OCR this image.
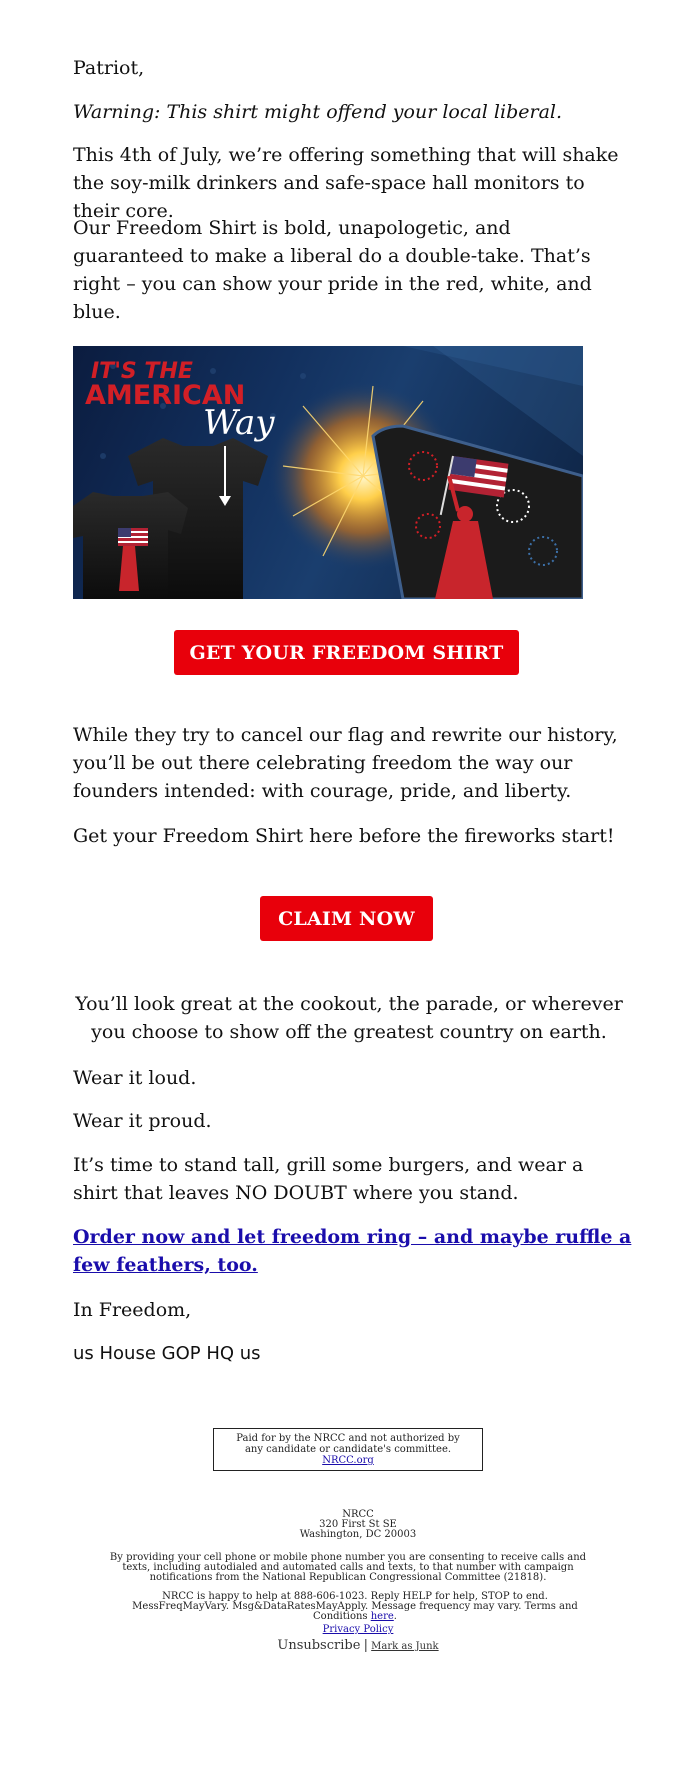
Patriot,

Warning: This shirt might offend your local liberal.

This 4th of July, we’re offering something that will shake the soy-milk drinkers and safe-space hall monitors to their core.

Our Freedom Shirt is bold, unapologetic, and guaranteed to make a liberal do a double-take. That’s right – you can show your pride in the red, white, and blue.

While they try to cancel our flag and rewrite our history, you’ll be out there celebrating freedom the way our founders intended: with courage, pride, and liberty.

Get your Freedom Shirt here before the fireworks start!

You’ll look great at the cookout, the parade, or wherever you choose to show off the greatest country on earth.

Wear it loud.

Wear it proud.

It’s time to stand tall, grill some burgers, and wear a shirt that leaves NO DOUBT where you stand.

Order now and let freedom ring – and maybe ruffle a few feathers, too.

In Freedom,

us House GOP HQ us

IT'S THE
AMERICAN
Way
GET YOUR FREEDOM SHIRT
CLAIM NOW
Paid for by the NRCC and not authorized by any candidate or candidate's committee. NRCC.org
NRCC
320 First St SE
Washington, DC 20003
By providing your cell phone or mobile phone number you are consenting to receive calls and texts, including autodialed and automated calls and texts, to that number with campaign notifications from the National Republican Congressional Committee (21818).
NRCC is happy to help at 888-606-1023. Reply HELP for help, STOP to end. MessFreqMayVary. Msg&DataRatesMayApply. Message frequency may vary. Terms and Conditions here.
Privacy Policy
Unsubscribe | Mark as Junk
